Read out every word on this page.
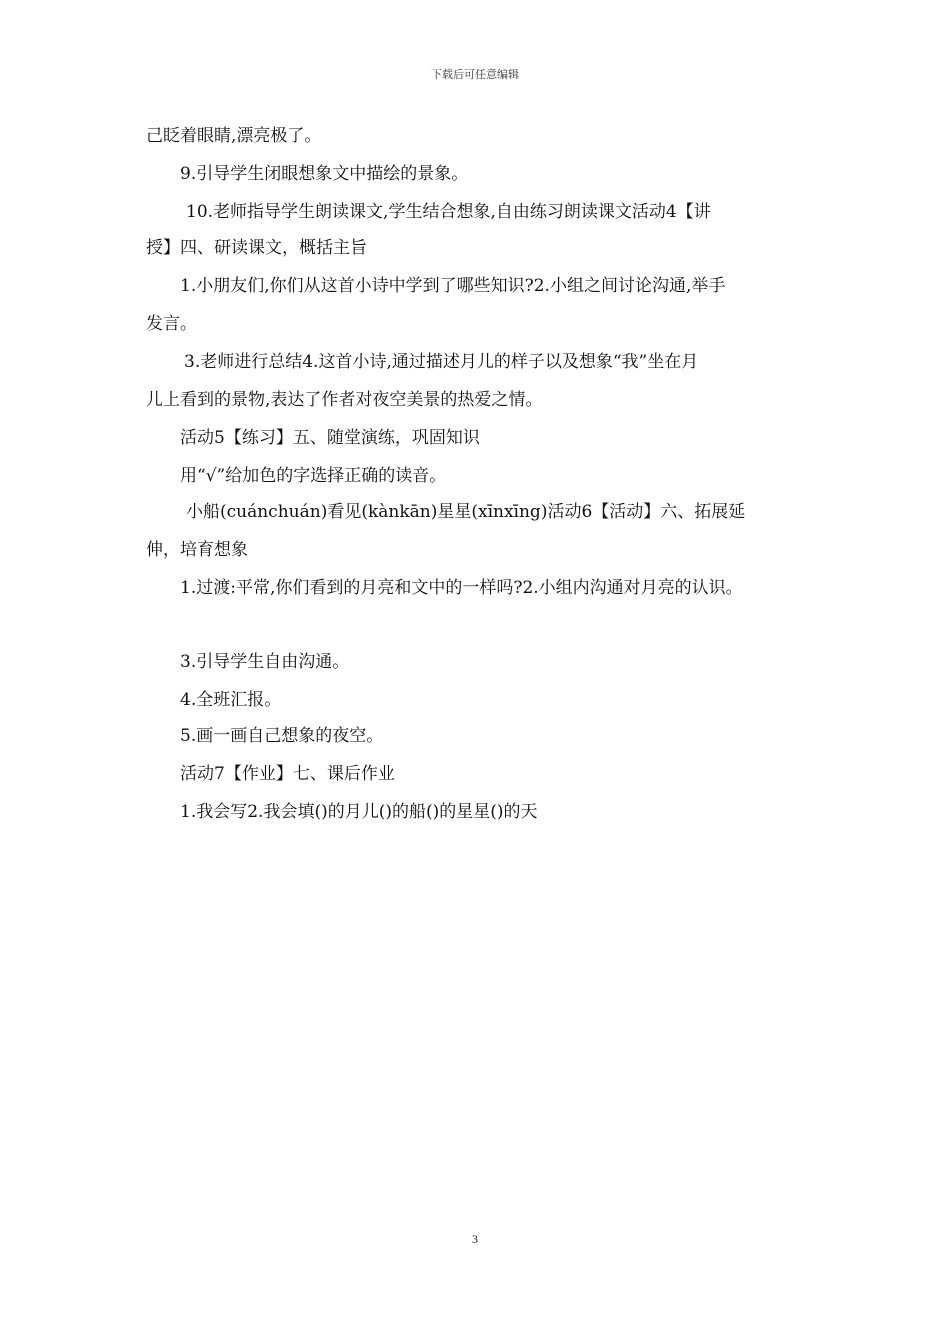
下载后可任意编辑
己眨着眼睛,漂亮极了。
9.引导学生闭眼想象文中描绘的景象。
10.老师指导学生朗读课文,学生结合想象,自由练习朗读课文活动4【讲
授】四、研读课文，概括主旨
1.小朋友们,你们从这首小诗中学到了哪些知识?2.小组之间讨论沟通,举手
发言。
3.老师进行总结4.这首小诗,通过描述月儿的样子以及想象“我”坐在月
儿上看到的景物,表达了作者对夜空美景的热爱之情。
活动5【练习】五、随堂演练，巩固知识
用“√”给加色的字选择正确的读音。
小船(cuánchuán)看见(kànkān)星星(xīnxīng)活动6【活动】六、拓展延
伸，培育想象
1.过渡:平常,你们看到的月亮和文中的一样吗?2.小组内沟通对月亮的认识。
3.引导学生自由沟通。
4.全班汇报。
5.画一画自己想象的夜空。
活动7【作业】七、课后作业
1.我会写2.我会填()的月儿()的船()的星星()的天
3
